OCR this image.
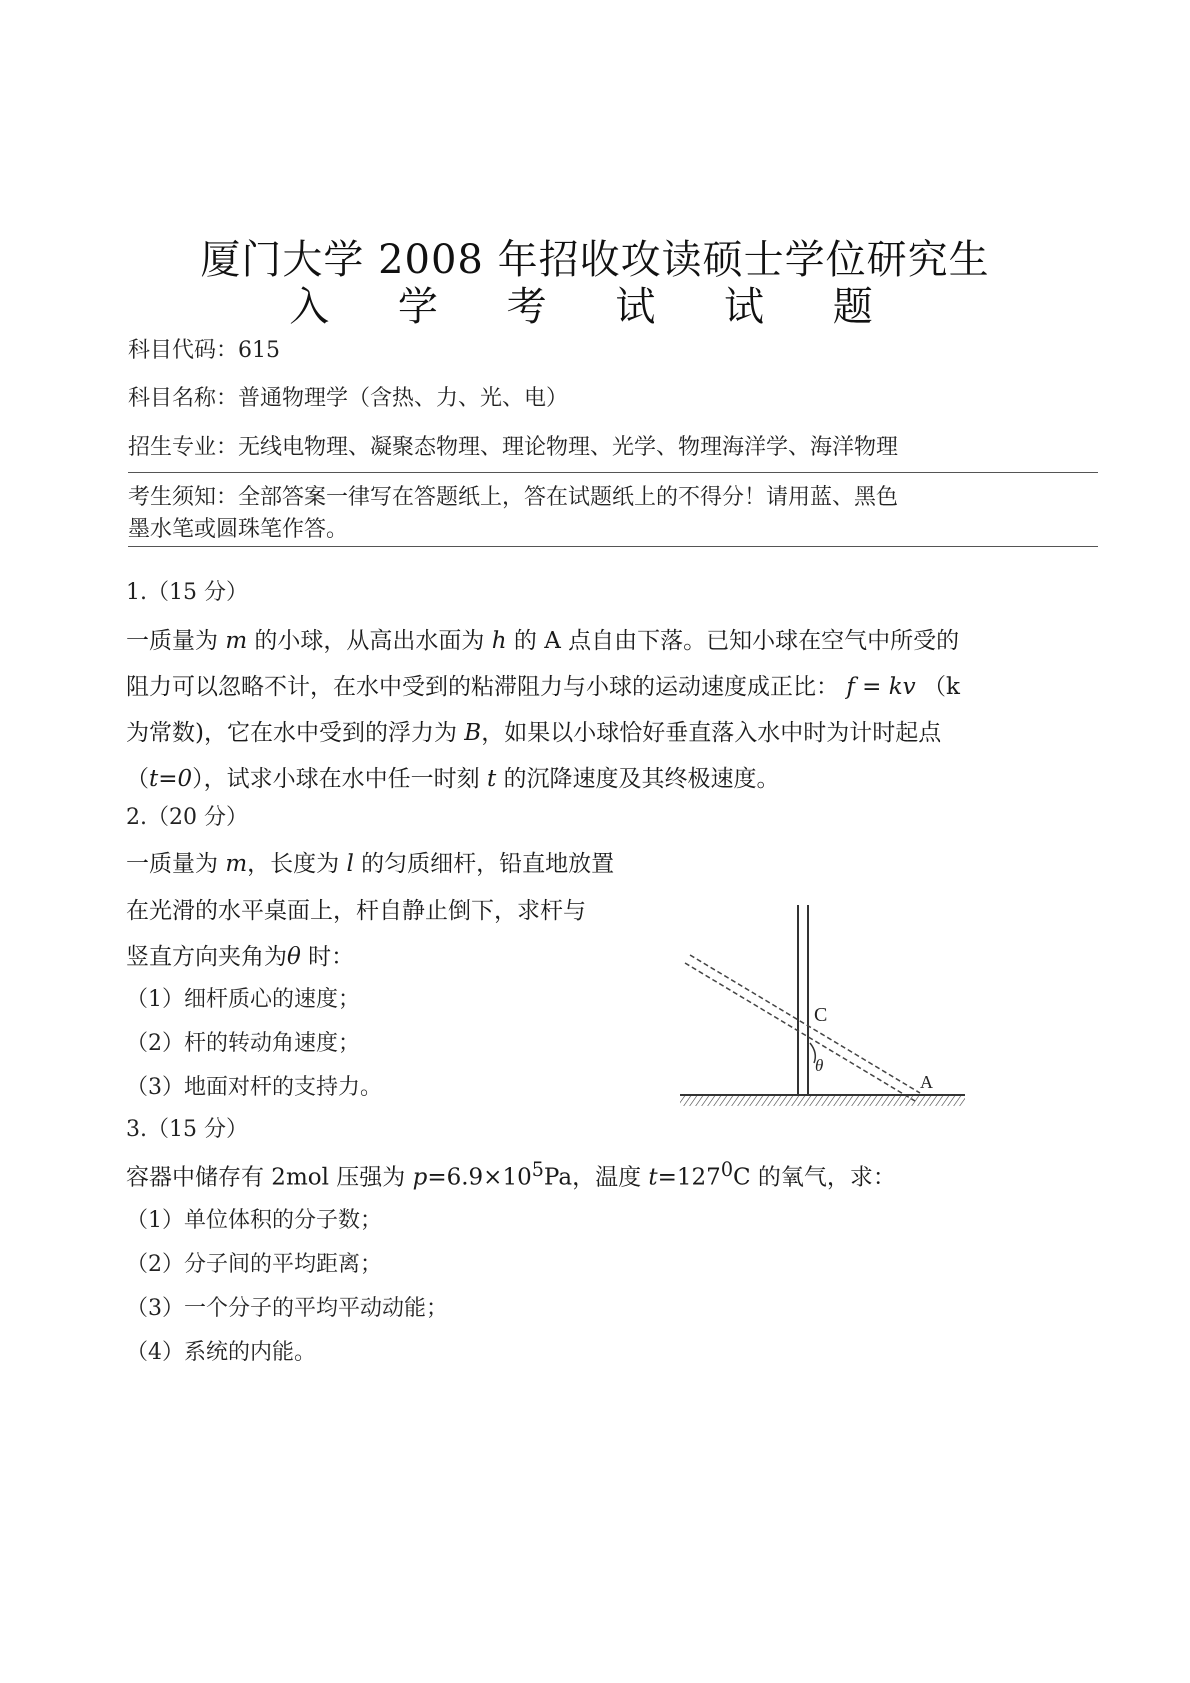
厦门大学 2008 年招收攻读硕士学位研究生
入 学 考 试 试 题
科目代码：615
科目名称：普通物理学（含热、力、光、电）
招生专业：无线电物理、凝聚态物理、理论物理、光学、物理海洋学、海洋物理
考生须知：全部答案一律写在答题纸上，答在试题纸上的不得分！请用蓝、黑色
墨水笔或圆珠笔作答。
1.（15 分）
一质量为 m 的小球，从高出水面为 h 的 A 点自由下落。已知小球在空气中所受的
阻力可以忽略不计，在水中受到的粘滞阻力与小球的运动速度成正比： f = kv （k
为常数)，它在水中受到的浮力为 B，如果以小球恰好垂直落入水中时为计时起点
（t=0），试求小球在水中任一时刻 t 的沉降速度及其终极速度。
2.（20 分）
一质量为 m，长度为 l 的匀质细杆，铅直地放置
在光滑的水平桌面上，杆自静止倒下，求杆与
竖直方向夹角为θ 时：
（1）细杆质心的速度；
（2）杆的转动角速度；
（3）地面对杆的支持力。
C
θ
A
3.（15 分）
容器中储存有 2mol 压强为 $p=6.9\times 10^5Pa$，温度 $t=127^0C$ 的氧气，求：
（1）单位体积的分子数；
（2）分子间的平均距离；
（3）一个分子的平均平动动能；
（4）系统的内能。
